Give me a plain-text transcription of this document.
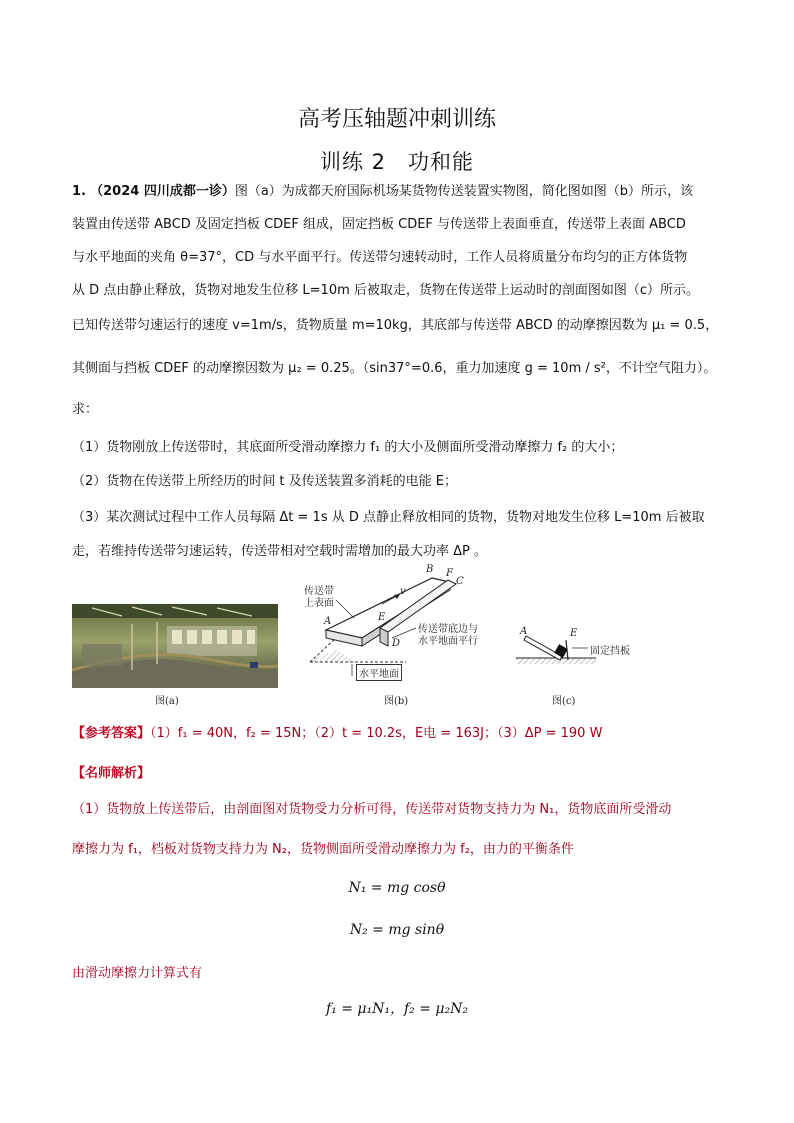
高考压轴题冲刺训练
训练 2　功和能
1. （2024 四川成都一诊）图（a）为成都天府国际机场某货物传送装置实物图，简化图如图（b）所示，该
装置由传送带 ABCD 及固定挡板 CDEF 组成，固定挡板 CDEF 与传送带上表面垂直，传送带上表面 ABCD
与水平地面的夹角 θ=37°，CD 与水平面平行。传送带匀速转动时，工作人员将质量分布均匀的正方体货物
从 D 点由静止释放，货物对地发生位移 L=10m 后被取走，货物在传送带上运动时的剖面图如图（c）所示。
已知传送带匀速运行的速度 v=1m/s，货物质量 m=10kg，其底部与传送带 ABCD 的动摩擦因数为 μ₁ = 0.5，
其侧面与挡板 CDEF 的动摩擦因数为 μ₂ = 0.25。（sin37°=0.6，重力加速度 g = 10m / s²，不计空气阻力）。
求：
（1）货物刚放上传送带时，其底面所受滑动摩擦力 f₁ 的大小及侧面所受滑动摩擦力 f₂ 的大小；
（2）货物在传送带上所经历的时间 t 及传送装置多消耗的电能 E；
（3）某次测试过程中工作人员每隔 Δt = 1s 从 D 点静止释放相同的货物，货物对地发生位移 L=10m 后被取
走，若维持传送带匀速运转，传送带相对空载时需增加的最大功率 ΔP 。
图(a)
传送带
上表面
A
B
C
F
E
D
v
传送带底边与
水平地面平行
水平地面
图(b)
A	E
固定挡板
图(c)
【参考答案】（1）f₁ = 40N，f₂ = 15N；（2）t = 10.2s，E电 = 163J；（3）ΔP = 190 W
【名师解析】
（1）货物放上传送带后，由剖面图对货物受力分析可得，传送带对货物支持力为 N₁，货物底面所受滑动
摩擦力为 f₁，档板对货物支持力为 N₂，货物侧面所受滑动摩擦力为 f₂，由力的平衡条件
N₁ = mg cosθ
N₂ = mg sinθ
由滑动摩擦力计算式有
f₁ = μ₁N₁，f₂ = μ₂N₂
